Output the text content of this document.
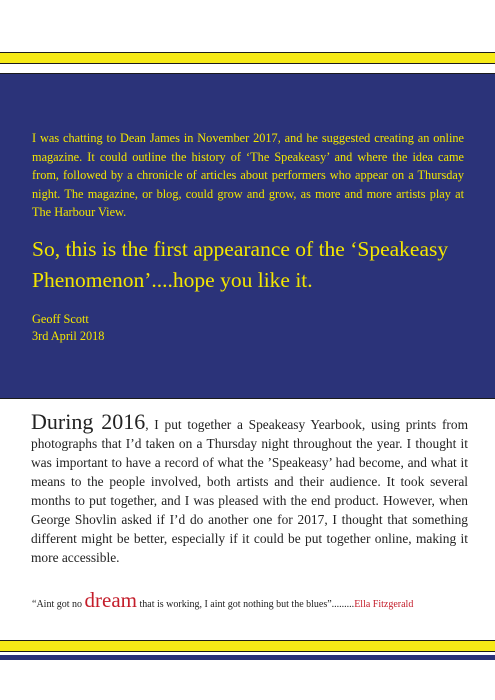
I was chatting to Dean James in November 2017, and he suggested creating an online magazine. It could outline the history of ‘The Speakeasy’ and where the idea came from, followed by a chronicle of articles about performers who appear on a Thursday night. The magazine, or blog, could grow and grow, as more and more artists play at The Harbour View.

So, this is the first appearance of the ‘Speakeasy Phenomenon’....hope you like it.

Geoff Scott
3rd April 2018

During 2016, I put together a Speakeasy Yearbook, using prints from photographs that I’d taken on a Thursday night throughout the year. I thought it was important to have a record of what the ’Speakeasy’ had become, and what it means to the people involved, both artists and their audience. It took several months to put together, and I was pleased with the end product. However, when George Shovlin asked if I’d do another one for 2017, I thought that something different might be better, especially if it could be put together online, making it more accessible.

“Aint got no dream that is working, I aint got nothing but the blues”.........Ella Fitzgerald
